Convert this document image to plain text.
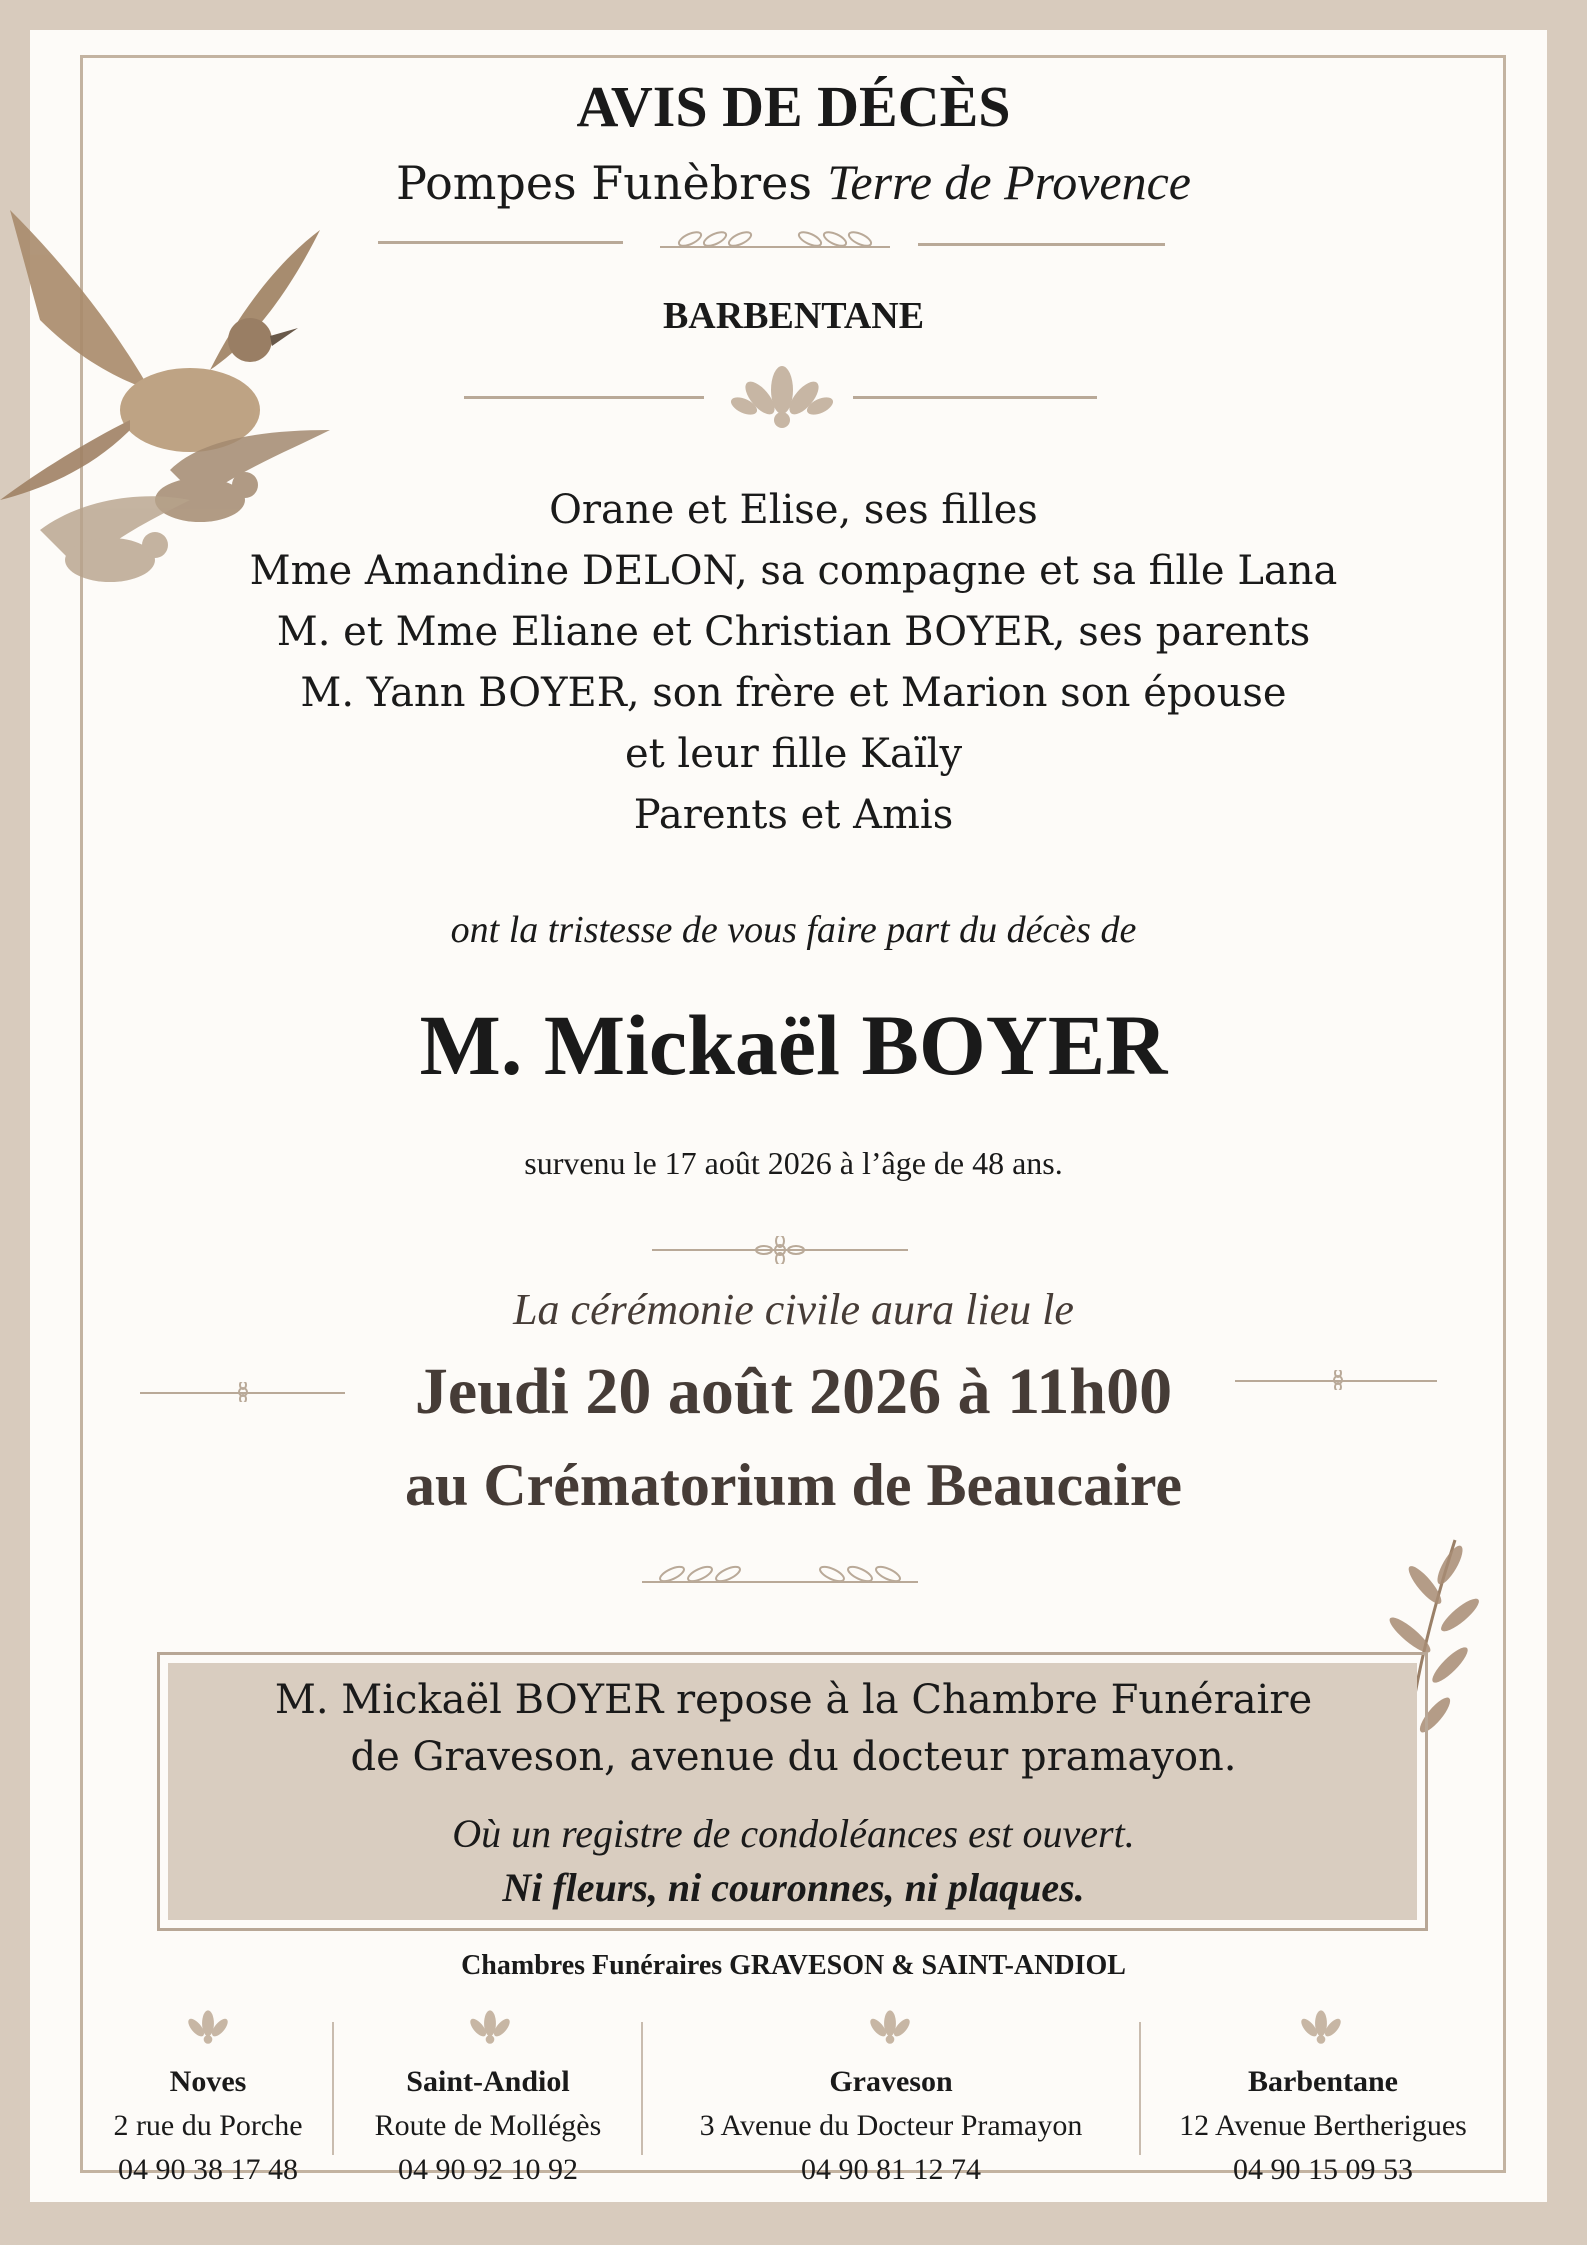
AVIS DE DÉCÈS
Pompes Funèbres Terre de Provence
BARBENTANE
Orane et Elise, ses filles
Mme Amandine DELON, sa compagne et sa fille Lana
M. et Mme Eliane et Christian BOYER, ses parents
M. Yann BOYER, son frère et Marion son épouse
et leur fille Kaïly
Parents et Amis
ont la tristesse de vous faire part du décès de
M. Mickaël BOYER
survenu le 17 août 2026 à l’âge de 48 ans.
La cérémonie civile aura lieu le
Jeudi 20 août 2026 à 11h00
au Crématorium de Beaucaire
M. Mickaël BOYER repose à la Chambre Funéraire
de Graveson, avenue du docteur pramayon.
Où un registre de condoléances est ouvert.
Ni fleurs, ni couronnes, ni plaques.
Chambres Funéraires GRAVESON & SAINT-ANDIOL
Noves
2 rue du Porche
04 90 38 17 48
Saint-Andiol
Route de Mollégès
04 90 92 10 92
Graveson
3 Avenue du Docteur Pramayon
04 90 81 12 74
Barbentane
12 Avenue Bertherigues
04 90 15 09 53
